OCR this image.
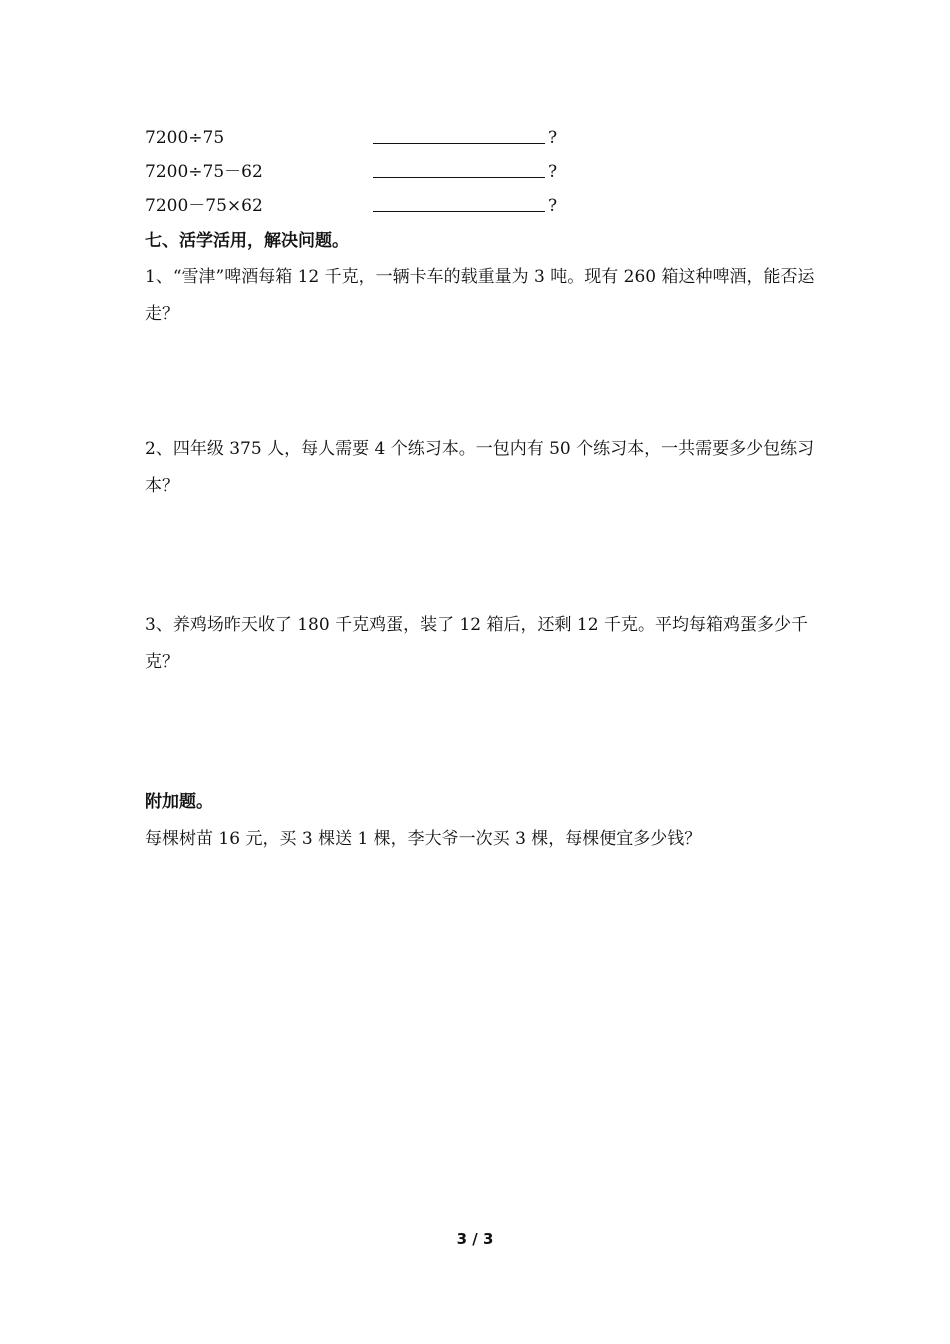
7200÷75	?
7200÷75－62	?
7200－75×62	?
七、活学活用，解决问题。
1、“雪津”啤酒每箱 12 千克，一辆卡车的载重量为 3 吨。现有 260 箱这种啤酒，能否运走？
2、四年级 375 人，每人需要 4 个练习本。一包内有 50 个练习本，一共需要多少包练习本？
3、养鸡场昨天收了 180 千克鸡蛋，装了 12 箱后，还剩 12 千克。平均每箱鸡蛋多少千克？
附加题。
每棵树苗 16 元，买 3 棵送 1 棵，李大爷一次买 3 棵，每棵便宜多少钱？
3 / 3
